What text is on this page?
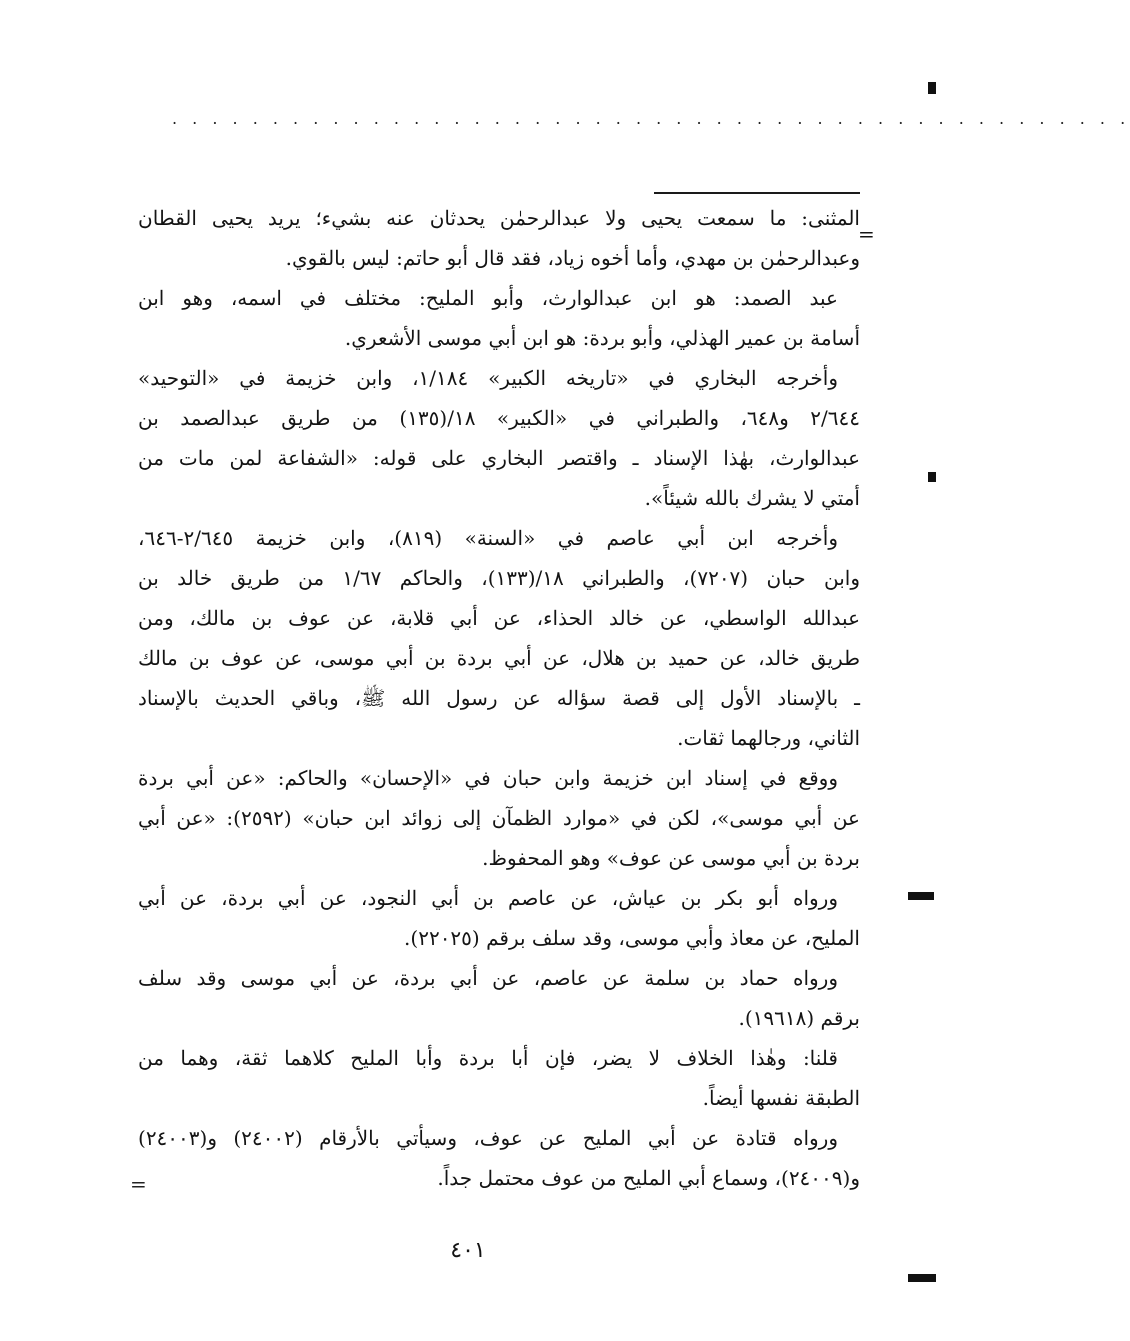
. . . . . . . . . . . . . . . . . . . . . . . . . . . . . . . . . . . . . . . . . . . . . . . .
=
المثنى: ما سمعت يحيى ولا عبدالرحمٰن يحدثان عنه بشيء؛ يريد يحيى القطان
وعبدالرحمٰن بن مهدي، وأما أخوه زياد، فقد قال أبو حاتم: ليس بالقوي.
عبد الصمد: هو ابن عبدالوارث، وأبو المليح: مختلف في اسمه، وهو ابن
أسامة بن عمير الهذلي، وأبو بردة: هو ابن أبي موسى الأشعري.
وأخرجه البخاري في «تاريخه الكبير» ١/١٨٤، وابن خزيمة في «التوحيد»
٢/٦٤٤ و٦٤٨، والطبراني في «الكبير» ١٨/(١٣٥) من طريق عبدالصمد بن
عبدالوارث، بهٰذا الإسناد ـ واقتصر البخاري على قوله: «الشفاعة لمن مات من
أمتي لا يشرك بالله شيئاً».
وأخرجه ابن أبي عاصم في «السنة» (٨١٩)، وابن خزيمة ٢/٦٤٥-٦٤٦،
وابن حبان (٧٢٠٧)، والطبراني ١٨/(١٣٣)، والحاكم ١/٦٧ من طريق خالد بن
عبدالله الواسطي، عن خالد الحذاء، عن أبي قلابة، عن عوف بن مالك، ومن
طريق خالد، عن حميد بن هلال، عن أبي بردة بن أبي موسى، عن عوف بن مالك
ـ بالإسناد الأول إلى قصة سؤاله عن رسول الله ﷺ، وباقي الحديث بالإسناد
الثاني، ورجالهما ثقات.
ووقع في إسناد ابن خزيمة وابن حبان في «الإحسان» والحاكم: «عن أبي بردة
عن أبي موسى»، لكن في «موارد الظمآن إلى زوائد ابن حبان» (٢٥٩٢): «عن أبي
بردة بن أبي موسى عن عوف» وهو المحفوظ.
ورواه أبو بكر بن عياش، عن عاصم بن أبي النجود، عن أبي بردة، عن أبي
المليح، عن معاذ وأبي موسى، وقد سلف برقم (٢٢٠٢٥).
ورواه حماد بن سلمة عن عاصم، عن أبي بردة، عن أبي موسى وقد سلف
برقم (١٩٦١٨).
قلنا: وهٰذا الخلاف لا يضر، فإن أبا بردة وأبا المليح كلاهما ثقة، وهما من
الطبقة نفسها أيضاً.
ورواه قتادة عن أبي المليح عن عوف، وسيأتي بالأرقام (٢٤٠٠٢) و(٢٤٠٠٣)
و(٢٤٠٠٩)، وسماع أبي المليح من عوف محتمل جداً.
=
٤٠١
